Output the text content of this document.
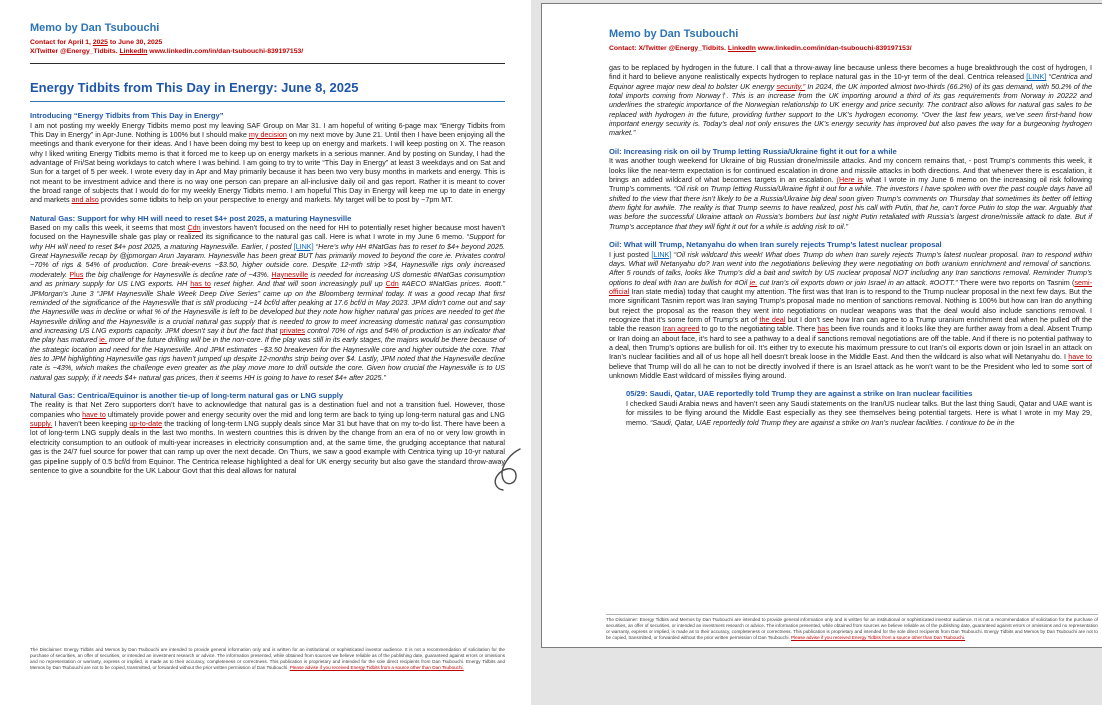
Memo by Dan Tsubouchi
Contact for April 1, 2025 to June 30, 2025
X/Twitter @Energy_Tidbits. LinkedIn www.linkedin.com/in/dan-tsubouchi-839197153/
Energy Tidbits from This Day in Energy: June 8, 2025
Introducing “Energy Tidbits from This Day in Energy”
I am not posting my weekly Energy Tidbits memo post my leaving SAF Group on Mar 31. I am hopeful of writing 6-page max “Energy Tidbits from This Day in Energy” in Apr-June. Nothing is 100% but I should make my decision on my next move by June 21. Until then I have been enjoying all the meetings and thank everyone for their ideas. And I have been doing my best to keep up on energy and markets. I will keep posting on X. The reason why I liked writing Energy Tidbits memo is that it forced me to keep up on energy markets in a serious manner. And by posting on Sunday, I had the advantage of Fri/Sat being workdays to catch where I was behind. I am going to try to write “This Day in Energy” at least 3 weekdays and on Sat and Sun for a target of 5 per week. I wrote every day in Apr and May primarily because it has been two very busy months in markets and energy. This is not meant to be investment advice and there is no way one person can prepare an all-inclusive daily oil and gas report. Rather it is meant to cover the broad range of subjects that I would do for my weekly Energy Tidbits memo. I am hopeful This Day in Energy will keep me up to date in energy and markets and also provides some tidbits to help on your perspective to energy and markets. My target will be to post by ~7pm MT.
Natural Gas: Support for why HH will need to reset $4+ post 2025, a maturing Haynesville
Based on my calls this week, it seems that most Cdn investors haven’t focused on the need for HH to potentially reset higher because most haven’t focused on the Haynesville shale gas play or realized its significance to the natural gas call. Here is what I wrote in my June 6 memo. “Support for why HH will need to reset $4+ post 2025, a maturing Haynesville. Earlier, I posted [LINK] “Here’s why HH #NatGas has to reset to $4+ beyond 2025. Great Haynesville recap by @jpmorgan Arun Jayaram. Haynesville has been great BUT has primarily moved to beyond the core ie. Privates control ~70% of rigs & 54% of production. Core break-evens ~$3.50, higher outside core. Despite 12-mth strip >$4, Haynesville rigs only increased moderately. Plus the big challenge for Haynesville is decline rate of ~43%. Haynesville is needed for increasing US domestic #NatGas consumption and as primary supply for US LNG exports. HH has to reset higher. And that will soon increasingly pull up Cdn #AECO #NatGas prices. #oott.” JPMorgan’s June 3 “JPM Haynesville Shale Week Deep Dive Series” came up on the Bloomberg terminal today. It was a good recap that first reminded of the significance of the Haynesville that is still producing ~14 bcf/d after peaking at 17.6 bcf/d in May 2023. JPM didn’t come out and say the Haynesville was in decline or what % of the Haynesville is left to be developed but they note how higher natural gas prices are needed to get the Haynesville drilling and the Haynesville is a crucial natural gas supply that is needed to grow to meet increasing domestic natural gas consumption and increasing US LNG exports capacity. JPM doesn’t say it but the fact that privates control 70% of rigs and 54% of production is an indicator that the play has matured ie. more of the future drilling will be in the non-core. If the play was still in its early stages, the majors would be there because of the strategic location and need for the Haynesville. And JPM estimates ~$3.50 breakeven for the Haynesville core and higher outside the core. That ties to JPM highlighting Haynesville gas rigs haven’t jumped up despite 12-months strip being over $4. Lastly, JPM noted that the Haynesville decline rate is ~43%, which makes the challenge even greater as the play move more to drill outside the core. Given how crucial the Haynesville is to US natural gas supply, if it needs $4+ natural gas prices, then it seems HH is going to have to reset $4+ after 2025.”
Natural Gas: Centrica/Equinor is another tie-up of long-term natural gas or LNG supply
The reality is that Net Zero supporters don’t have to acknowledge that natural gas is a destination fuel and not a transition fuel. However, those companies who have to ultimately provide power and energy security over the mid and long term are back to tying up long-term natural gas and LNG supply. I haven’t been keeping up-to-date the tracking of long-term LNG supply deals since Mar 31 but have that on my to-do list. There have been a lot of long-term LNG supply deals in the last two months. In western countries this is driven by the change from an era of no or very low growth in electricity consumption to an outlook of multi-year increases in electricity consumption and, at the same time, the grudging acceptance that natural gas is the 24/7 fuel source for power that can ramp up over the next decade. On Thurs, we saw a good example with Centrica tying up 10-yr natural gas pipeline supply of 0.5 bcf/d from Equinor. The Centrica release highlighted a deal for UK energy security but also gave the standard throw-away sentence to give a soundbite for the UK Labour Govt that this deal allows for natural
The Disclaimer: Energy Tidbits and Memos by Dan Tsubouchi are intended to provide general information only and is written for an institutional or sophisticated investor audience. It is not a recommendation of solicitation for the purchase of securities, an offer of securities, or intended an investment research or advice. The information presented, while obtained from sources we believe reliable as of the publishing date, guaranteed against errors or omissions and no representation or warranty, express or implied, is made as to their accuracy, completeness or correctness. This publication is proprietary and intended for the sole direct recipients from Dan Tsubouchi. Energy Tidbits and Memos by Dan Tsubouchi are not to be copied, transmitted, or forwarded without the prior written permission of Dan Tsubouchi. Please advise if you received Energy Tidbits from a source other than Dan Tsubouchi.
Memo by Dan Tsubouchi
Contact: X/Twitter @Energy_Tidbits. LinkedIn www.linkedin.com/in/dan-tsubouchi-839197153/
gas to be replaced by hydrogen in the future. I call that a throw-away line because unless there becomes a huge breakthrough the cost of hydrogen, I find it hard to believe anyone realistically expects hydrogen to replace natural gas in the 10-yr term of the deal. Centrica released [LINK] “Centrica and Equinor agree major new deal to bolster UK energy security.” In 2024, the UK imported almost two-thirds (66.2%) of its gas demand, with 50.2% of the total imports coming from Norway†. This is an increase from the UK importing around a third of its gas requirements from Norway in 20222 and underlines the strategic importance of the Norwegian relationship to UK energy and price security. The contract also allows for natural gas sales to be replaced with hydrogen in the future, providing further support to the UK’s hydrogen economy. “Over the last few years, we’ve seen first-hand how important energy security is. Today’s deal not only ensures the UK’s energy security has improved but also paves the way for a burgeoning hydrogen market.”
Oil: Increasing risk on oil by Trump letting Russia/Ukraine fight it out for a while
It was another tough weekend for Ukraine of big Russian drone/missile attacks. And my concern remains that, - post Trump’s comments this week, it looks like the near-term expectation is for continued escalation in drone and missile attacks in both directions. And that whenever there is escalation, it brings an added wildcard of what becomes targets in an escalation. (Here is what I wrote in my June 6 memo on the increasing oil risk following Trump’s comments. “Oil risk on Trump letting Russia/Ukraine fight it out for a while. The investors I have spoken with over the past couple days have all shifted to the view that there isn’t likely to be a Russia/Ukraine big deal soon given Trump’s comments on Thursday that sometimes its better off letting them fight for awhile. The reality is that Trump seems to have realized, post his call with Putin, that he, can’t force Putin to stop the war. Arguably that was before the successful Ukraine attack on Russia’s bombers but last night Putin retaliated with Russia’s largest drone/missile attack to date. But if Trump’s acceptance that they will fight it out for a while is adding risk to oil.”
Oil: What will Trump, Netanyahu do when Iran surely rejects Trump’s latest nuclear proposal
I just posted [LINK] “Oil risk wildcard this week! What does Trump do when Iran surely rejects Trump’s latest nuclear proposal. Iran to respond within days. What will Netanyahu do? Iran went into the negotiations believing they were negotiating on both uranium enrichment and removal of sanctions. After 5 rounds of talks, looks like Trump’s did a bait and switch by US nuclear proposal NOT including any Iran sanctions removal. Reminder Trump’s options to deal with Iran are bullish for #Oil ie. cut Iran’s oil exports down or join Israel in an attack. #OOTT.” There were two reports on Tasnim (semi-official Iran state media) today that caught my attention. The first was that Iran is to respond to the Trump nuclear proposal in the next few days. But the more significant Tasnim report was Iran saying Trump’s proposal made no mention of sanctions removal. Nothing is 100% but how can Iran do anything but reject the proposal as the reason they went into negotiations on nuclear weapons was that the deal would also include sanctions removal. I recognize that it’s some form of Trump’s art of the deal but I don’t see how Iran can agree to a Trump uranium enrichment deal when he pulled off the table the reason Iran agreed to go to the negotiating table. There has been five rounds and it looks like they are further away from a deal. Absent Trump or Iran doing an about face, it’s hard to see a pathway to a deal if sanctions removal negotiations are off the table. And if there is no potential pathway to a deal, then Trump’s options are bullish for oil. It’s either try to execute his maximum pressure to cut Iran’s oil exports down or join Israel in an attack on Iran’s nuclear facilities and all of us hope all hell doesn’t break loose in the Middle East. And then the wildcard is also what will Netanyahu do. I have to believe that Trump will do all he can to not be directly involved if there is an Israel attack as he won’t want to be the President who led to some sort of unknown Middle East wildcard of missiles flying around.
05/29: Saudi, Qatar, UAE reportedly told Trump they are against a strike on Iran nuclear facilities
I checked Saudi Arabia news and haven’t seen any Saudi statements on the Iran/US nuclear talks. But the last thing Saudi, Qatar and UAE want is for missiles to be flying around the Middle East especially as they see themselves being potential targets. Here is what I wrote in my May 29, memo. “Saudi, Qatar, UAE reportedly told Trump they are against a strike on Iran’s nuclear facilities. I continue to be in the
The Disclaimer: Energy Tidbits and Memos by Dan Tsubouchi are intended to provide general information only and is written for an institutional or sophisticated investor audience. It is not a recommendation of solicitation for the purchase of securities, an offer of securities, or intended an investment research or advice. The information presented, while obtained from sources we believe reliable as of the publishing date, guaranteed against errors or omissions and no representation or warranty, express or implied, is made as to their accuracy, completeness or correctness. This publication is proprietary and intended for the sole direct recipients from Dan Tsubouchi. Energy Tidbits and Memos by Dan Tsubouchi are not to be copied, transmitted, or forwarded without the prior written permission of Dan Tsubouchi. Please advise if you received Energy Tidbits from a source other than Dan Tsubouchi.
